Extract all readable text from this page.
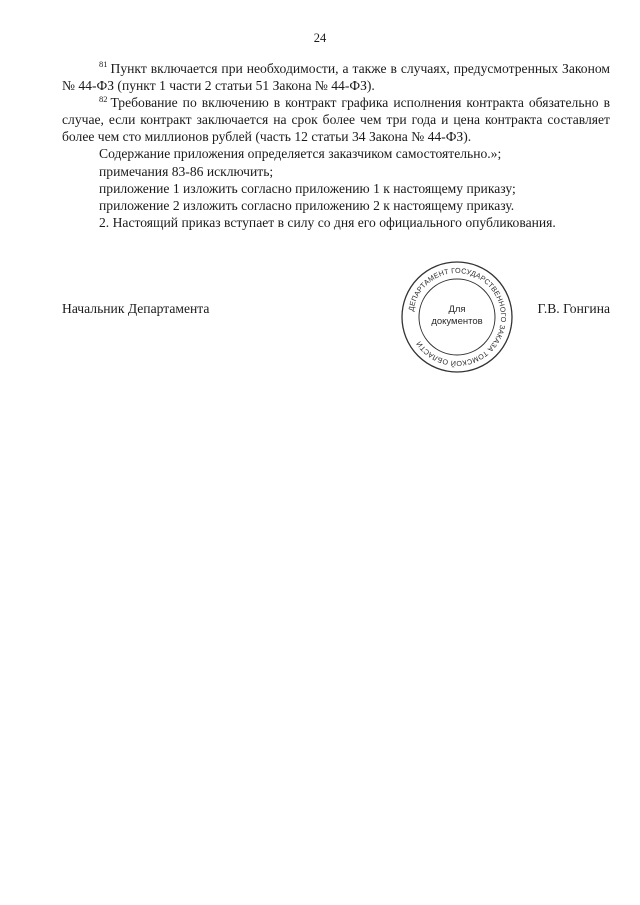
24

$^{81}$ Пункт включается при необходимости, а также в случаях, предусмотренных Законом № 44-ФЗ (пункт 1 части 2 статьи 51 Закона № 44-ФЗ).

$^{82}$ Требование по включению в контракт графика исполнения контракта обязательно в случае, если контракт заключается на срок более чем три года и цена контракта составляет более чем сто миллионов рублей (часть 12 статьи 34 Закона № 44-ФЗ).

Содержание приложения определяется заказчиком самостоятельно.»;

примечания 83-86 исключить;

приложение 1 изложить согласно приложению 1 к настоящему приказу;

приложение 2 изложить согласно приложению 2 к настоящему приказу.

2. Настоящий приказ вступает в силу со дня его официального опубликования.

Начальник Департамента	Г.В. Гонгина
ДЕПАРТАМЕНТ ГОСУДАРСТВЕННОГО ЗАКАЗА ТОМСКОЙ ОБЛАСТИ
Для
документов
